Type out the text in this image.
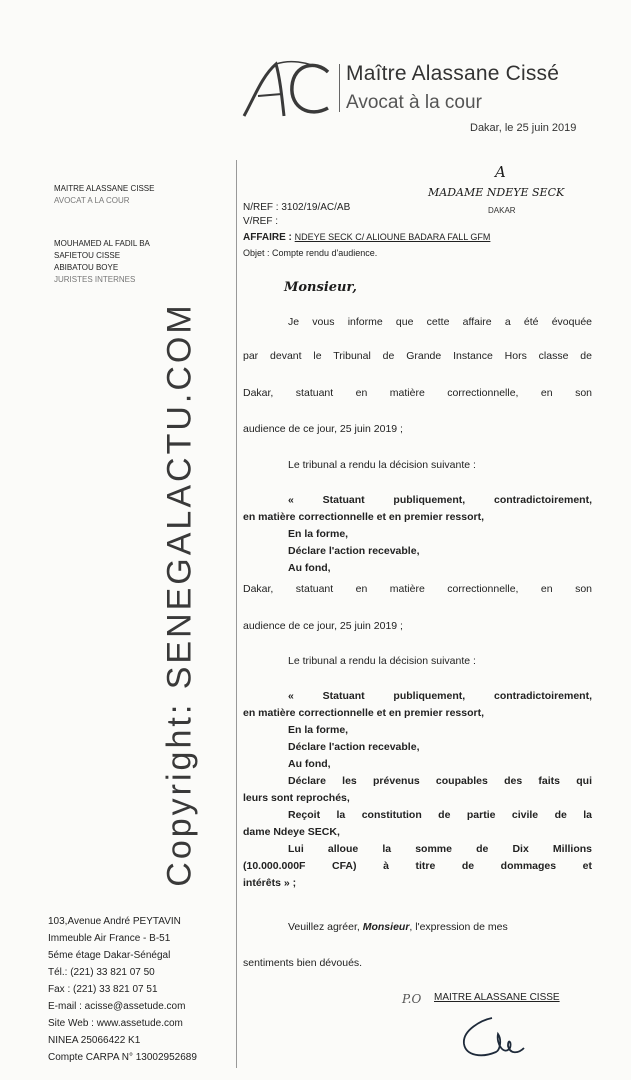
Maître Alassane Cissé
Avocat à la cour
Dakar, le 25 juin 2019
MAITRE ALASSANE CISSE
AVOCAT A LA COUR
MOUHAMED AL FADIL BA
SAFIETOU CISSE
ABIBATOU BOYE
JURISTES INTERNES
103,Avenue André PEYTAVIN
Immeuble Air France - B-51
5éme étage Dakar-Sénégal
Tél.: (221) 33 821 07 50
Fax : (221) 33 821 07 51
E-mail : acisse@assetude.com
Site Web : www.assetude.com
NINEA 25066422 K1
Compte CARPA N° 13002952689
A
MADAME NDEYE SECK
DAKAR
N/REF : 3102/19/AC/AB
V/REF :
AFFAIRE : NDEYE SECK C/ ALIOUNE BADARA FALL GFM
Objet : Compte rendu d'audience.
Monsieur,
Je vous informe que cette affaire a été évoquée
par devant le Tribunal de Grande Instance Hors classe de
Dakar, statuant en matière correctionnelle, en son
audience de ce jour, 25 juin 2019 ;
Le tribunal a rendu la décision suivante :
« Statuant publiquement, contradictoirement,
en matière correctionnelle et en premier ressort,
En la forme,
Déclare l'action recevable,
Au fond,
Dakar, statuant en matière correctionnelle, en son
audience de ce jour, 25 juin 2019 ;
Le tribunal a rendu la décision suivante :
« Statuant publiquement, contradictoirement,
en matière correctionnelle et en premier ressort,
En la forme,
Déclare l'action recevable,
Au fond,
Déclare les prévenus coupables des faits qui
leurs sont reprochés,
Reçoit la constitution de partie civile de la
dame Ndeye SECK,
Lui alloue la somme de Dix Millions
(10.000.000F CFA) à titre de dommages et
intérêts » ;
Veuillez agréer, Monsieur, l'expression de mes
sentiments bien dévoués.
P.O MAITRE ALASSANE CISSE
Copyright: SENEGALACTU.COM
